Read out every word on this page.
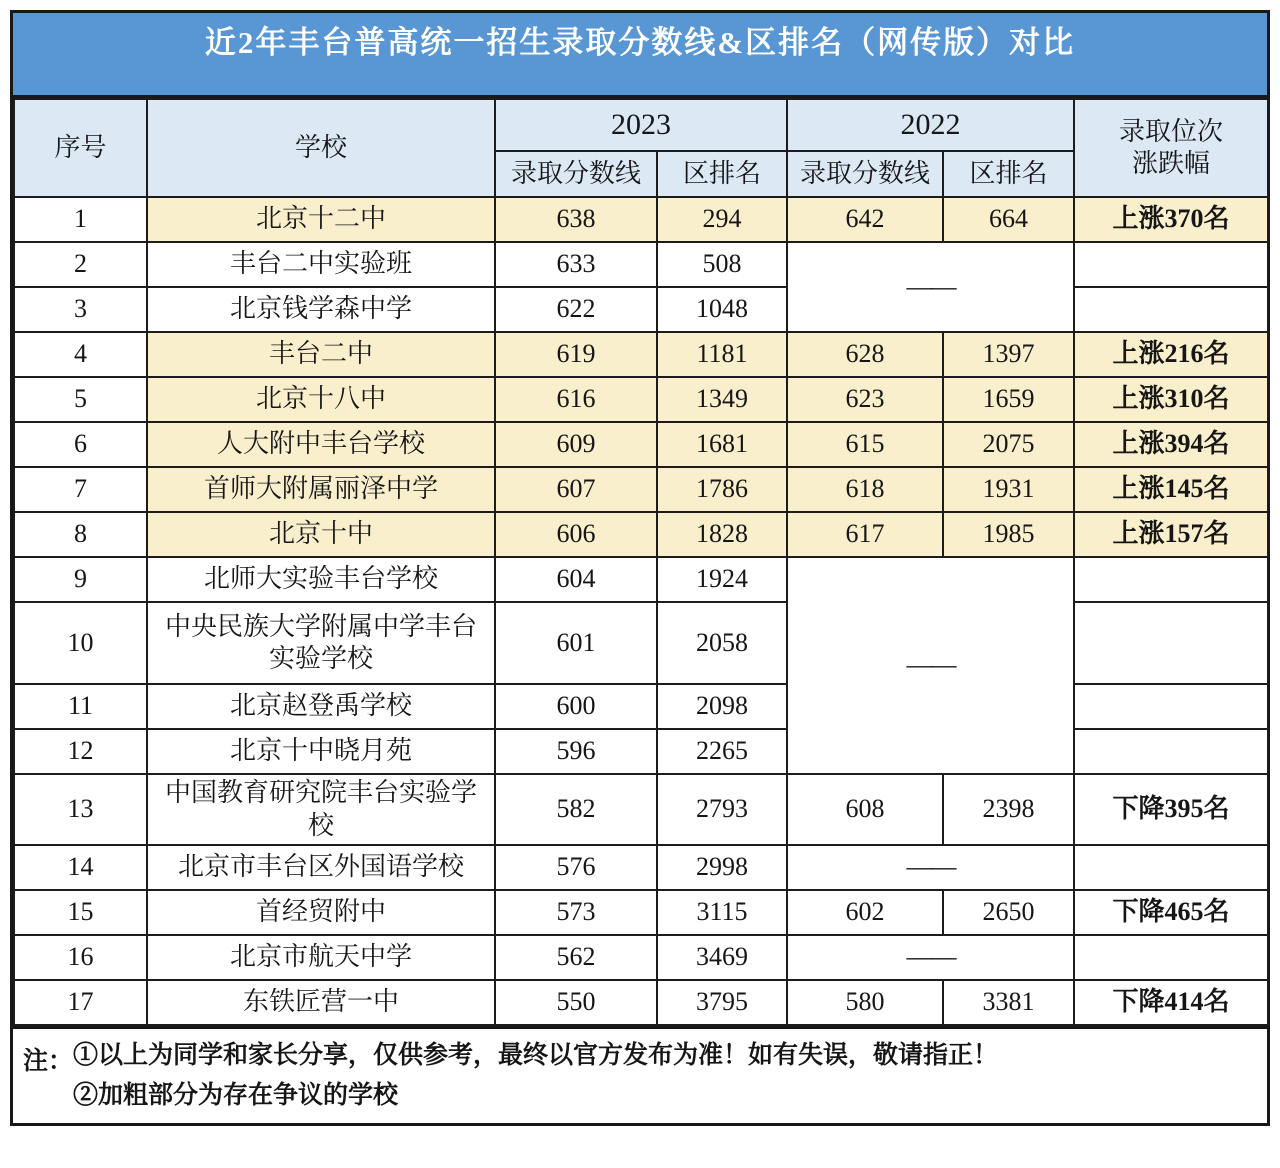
近2年丰台普高统一招生录取分数线&区排名（网传版）对比
序号	学校	2023		2022		录取位次
涨跌幅

		录取分数线	区排名	录取分数线	区排名	
1	北京十二中	638	294	642	664	上涨370名
2	丰台二中实验班	633	508	——		
3	北京钱学森中学	622	1048			
4	丰台二中	619	1181	628	1397	上涨216名
5	北京十八中	616	1349	623	1659	上涨310名
6	人大附中丰台学校	609	1681	615	2075	上涨394名
7	首师大附属丽泽中学	607	1786	618	1931	上涨145名
8	北京十中	606	1828	617	1985	上涨157名
9	北师大实验丰台学校	604	1924	——		
10	中央民族大学附属中学丰台实验学校	601	2058			
11	北京赵登禹学校	600	2098			
12	北京十中晓月苑	596	2265			
13	中国教育研究院丰台实验学校	582	2793	608	2398	下降395名
14	北京市丰台区外国语学校	576	2998	——		
15	首经贸附中	573	3115	602	2650	下降465名
16	北京市航天中学	562	3469	——		
17	东铁匠营一中	550	3795	580	3381	下降414名
注： ①以上为同学和家长分享，仅供参考，最终以官方发布为准！如有失误，敬请指正！
②加粗部分为存在争议的学校
